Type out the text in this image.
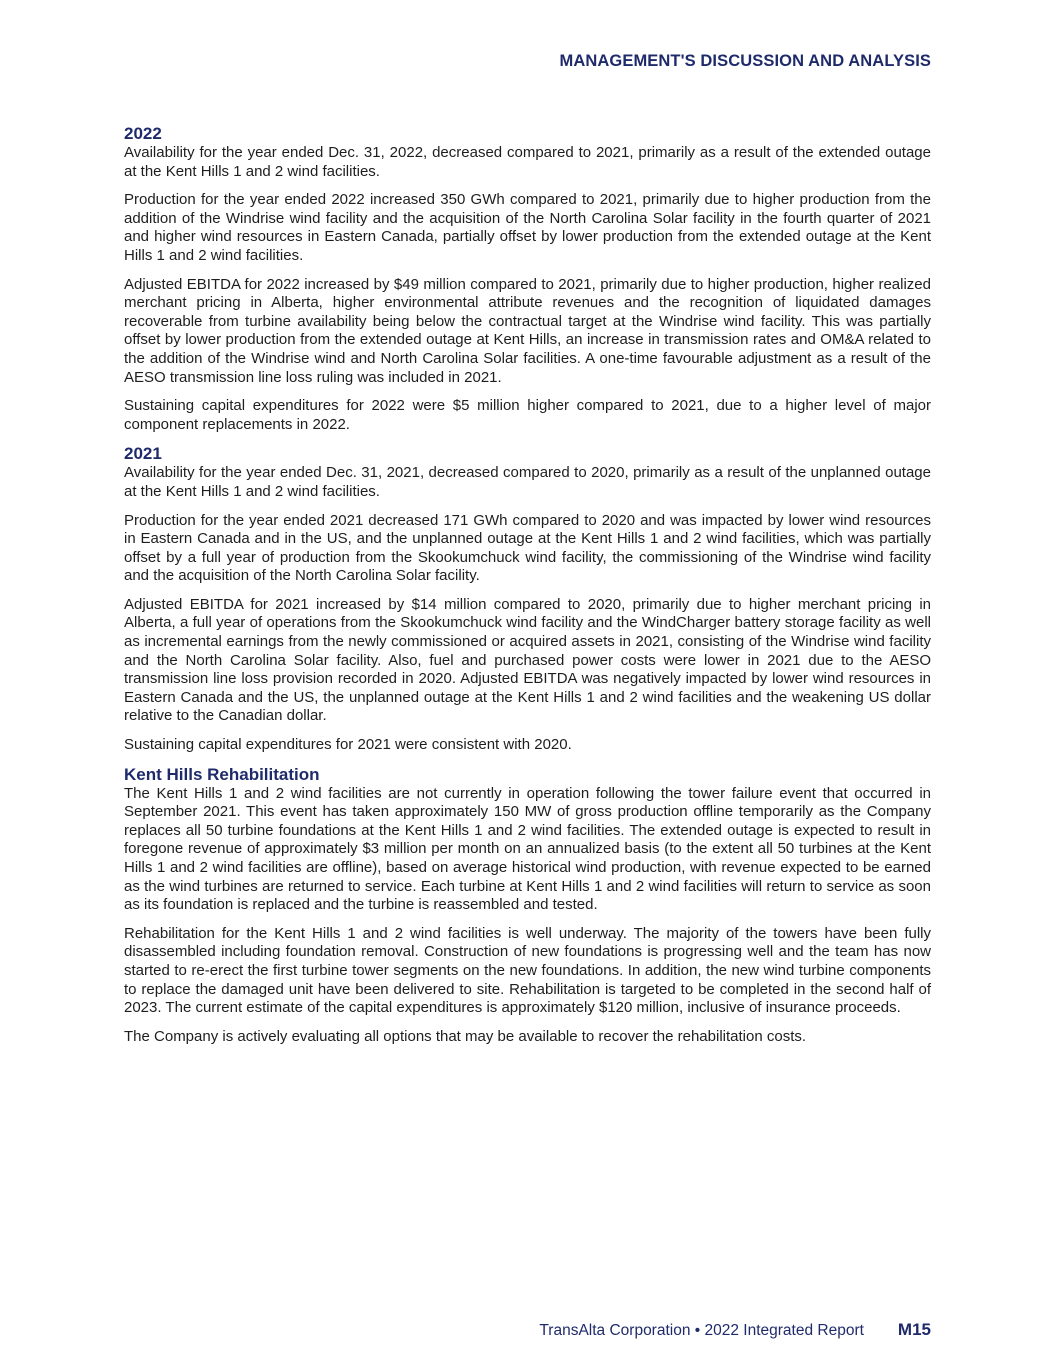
MANAGEMENT'S DISCUSSION AND ANALYSIS
2022

Availability for the year ended Dec. 31, 2022, decreased compared to 2021, primarily as a result of the extended outage at the Kent Hills 1 and 2 wind facilities.

Production for the year ended 2022 increased 350 GWh compared to 2021, primarily due to higher production from the addition of the Windrise wind facility and the acquisition of the North Carolina Solar facility in the fourth quarter of 2021 and higher wind resources in Eastern Canada, partially offset by lower production from the extended outage at the Kent Hills 1 and 2 wind facilities.

Adjusted EBITDA for 2022 increased by $49 million compared to 2021, primarily due to higher production, higher realized merchant pricing in Alberta, higher environmental attribute revenues and the recognition of liquidated damages recoverable from turbine availability being below the contractual target at the Windrise wind facility. This was partially offset by lower production from the extended outage at Kent Hills, an increase in transmission rates and OM&A related to the addition of the Windrise wind and North Carolina Solar facilities. A one-time favourable adjustment as a result of the AESO transmission line loss ruling was included in 2021.

Sustaining capital expenditures for 2022 were $5 million higher compared to 2021, due to a higher level of major component replacements in 2022.

2021

Availability for the year ended Dec. 31, 2021, decreased compared to 2020, primarily as a result of the unplanned outage at the Kent Hills 1 and 2 wind facilities.

Production for the year ended 2021 decreased 171 GWh compared to 2020 and was impacted by lower wind resources in Eastern Canada and in the US, and the unplanned outage at the Kent Hills 1 and 2 wind facilities, which was partially offset by a full year of production from the Skookumchuck wind facility, the commissioning of the Windrise wind facility and the acquisition of the North Carolina Solar facility.

Adjusted EBITDA for 2021 increased by $14 million compared to 2020, primarily due to higher merchant pricing in Alberta, a full year of operations from the Skookumchuck wind facility and the WindCharger battery storage facility as well as incremental earnings from the newly commissioned or acquired assets in 2021, consisting of the Windrise wind facility and the North Carolina Solar facility. Also, fuel and purchased power costs were lower in 2021 due to the AESO transmission line loss provision recorded in 2020. Adjusted EBITDA was negatively impacted by lower wind resources in Eastern Canada and the US, the unplanned outage at the Kent Hills 1 and 2 wind facilities and the weakening US dollar relative to the Canadian dollar.

Sustaining capital expenditures for 2021 were consistent with 2020.

Kent Hills Rehabilitation

The Kent Hills 1 and 2 wind facilities are not currently in operation following the tower failure event that occurred in September 2021. This event has taken approximately 150 MW of gross production offline temporarily as the Company replaces all 50 turbine foundations at the Kent Hills 1 and 2 wind facilities. The extended outage is expected to result in foregone revenue of approximately $3 million per month on an annualized basis (to the extent all 50 turbines at the Kent Hills 1 and 2 wind facilities are offline), based on average historical wind production, with revenue expected to be earned as the wind turbines are returned to service. Each turbine at Kent Hills 1 and 2 wind facilities will return to service as soon as its foundation is replaced and the turbine is reassembled and tested.

Rehabilitation for the Kent Hills 1 and 2 wind facilities is well underway. The majority of the towers have been fully disassembled including foundation removal. Construction of new foundations is progressing well and the team has now started to re-erect the first turbine tower segments on the new foundations. In addition, the new wind turbine components to replace the damaged unit have been delivered to site. Rehabilitation is targeted to be completed in the second half of 2023. The current estimate of the capital expenditures is approximately $120 million, inclusive of insurance proceeds.

The Company is actively evaluating all options that may be available to recover the rehabilitation costs.

TransAlta Corporation • 2022 Integrated Report M15
